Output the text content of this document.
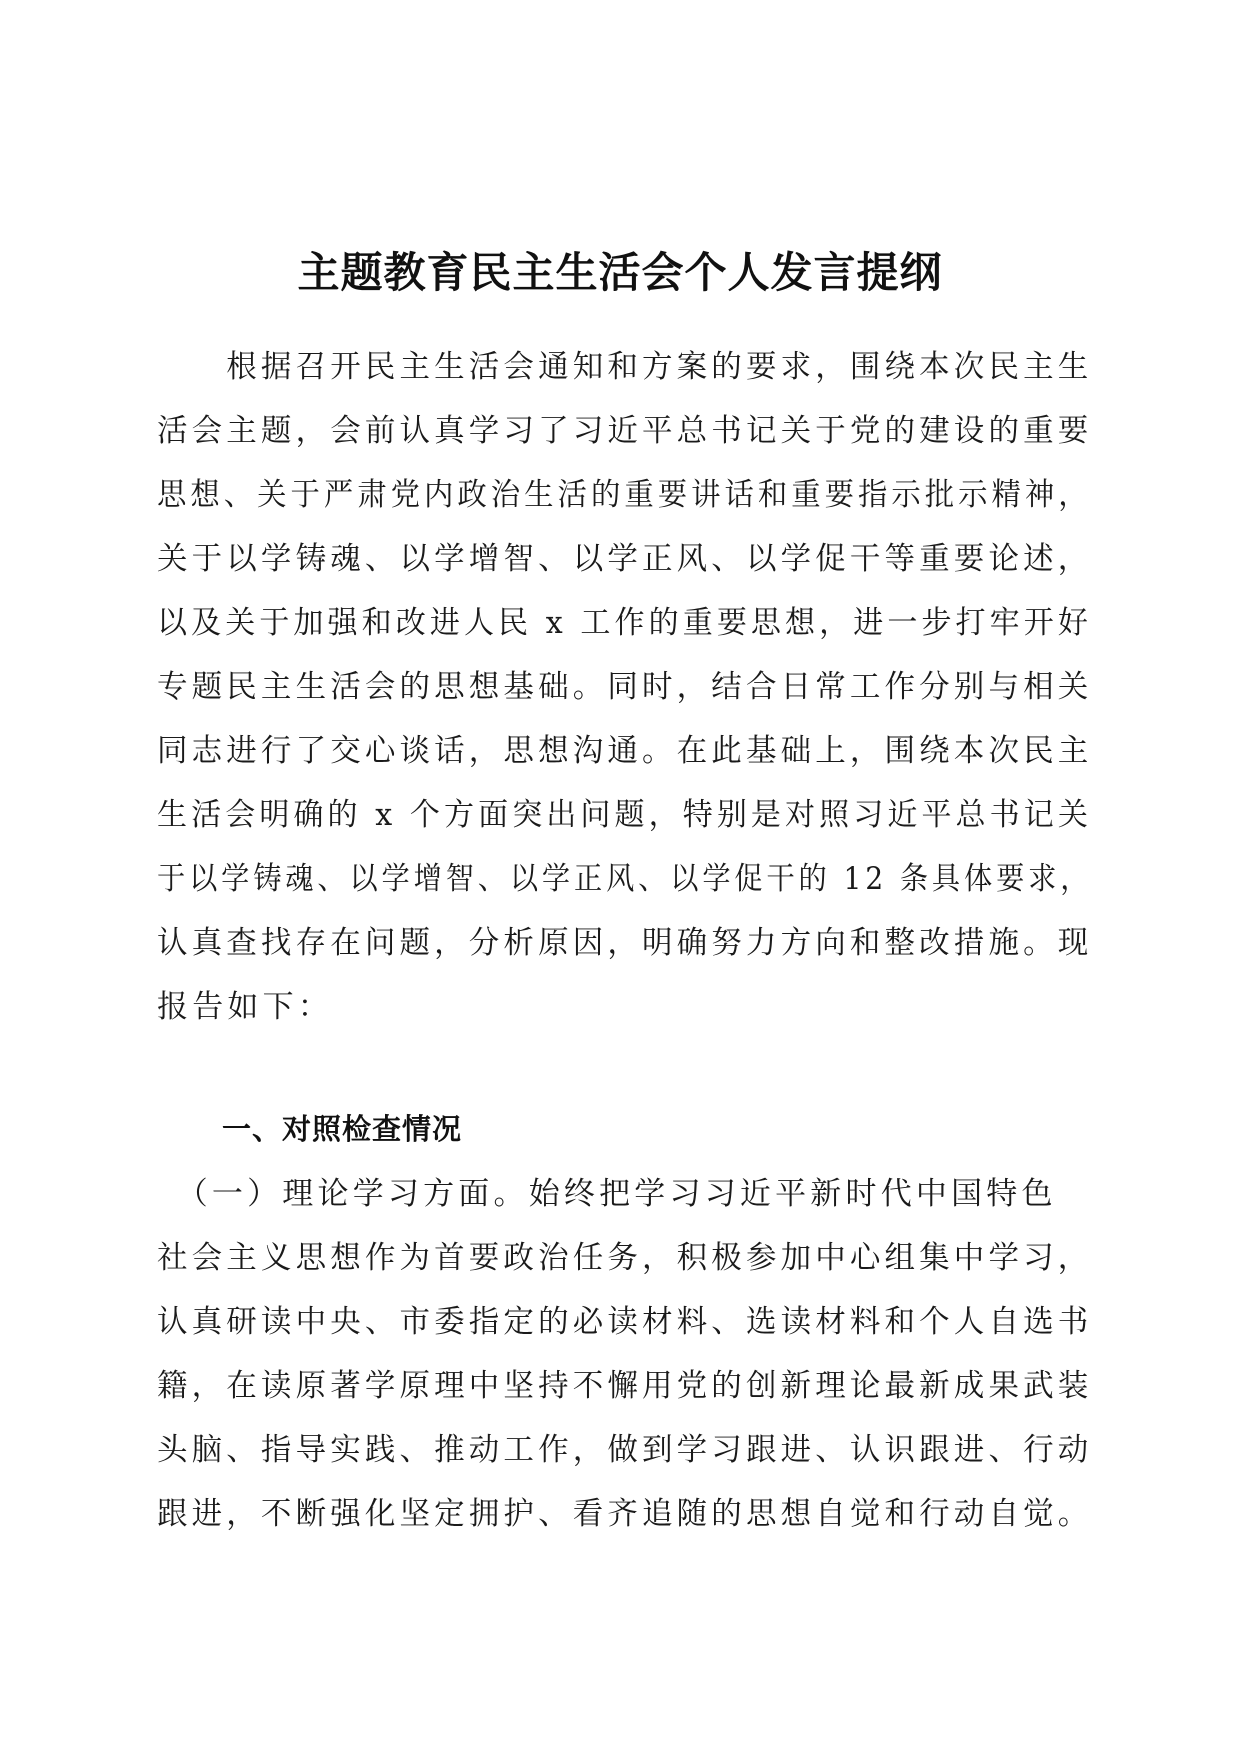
主题教育民主生活会个人发言提纲
　　根据召开民主生活会通知和方案的要求，围绕本次民主生
活会主题，会前认真学习了习近平总书记关于党的建设的重要
思想、关于严肃党内政治生活的重要讲话和重要指示批示精神，
关于以学铸魂、以学增智、以学正风、以学促干等重要论述，
以及关于加强和改进人民 x 工作的重要思想，进一步打牢开好
专题民主生活会的思想基础。同时，结合日常工作分别与相关
同志进行了交心谈话，思想沟通。在此基础上，围绕本次民主
生活会明确的 x 个方面突出问题，特别是对照习近平总书记关
于以学铸魂、以学增智、以学正风、以学促干的 12 条具体要求，
认真查找存在问题，分析原因，明确努力方向和整改措施。现
报告如下：
一、对照检查情况
　（一）理论学习方面。始终把学习习近平新时代中国特色
社会主义思想作为首要政治任务，积极参加中心组集中学习，
认真研读中央、市委指定的必读材料、选读材料和个人自选书
籍，在读原著学原理中坚持不懈用党的创新理论最新成果武装
头脑、指导实践、推动工作，做到学习跟进、认识跟进、行动
跟进，不断强化坚定拥护、看齐追随的思想自觉和行动自觉。
